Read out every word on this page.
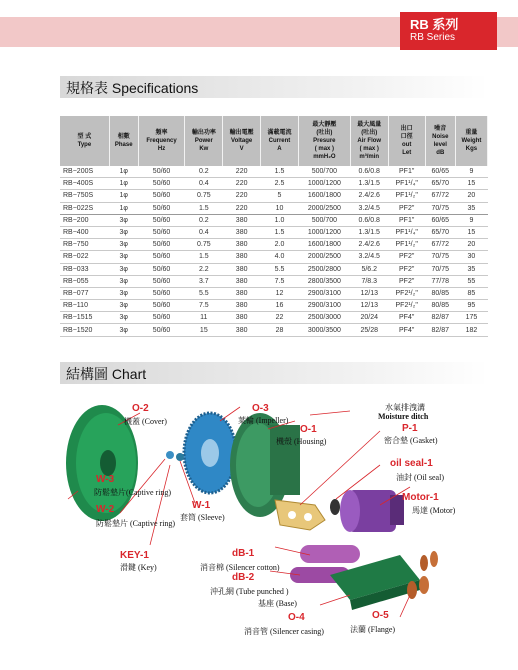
RB 系列
RB Series
規格表 Specifications
型 式
Type	相數
Phase	頻率
Frequency
Hz	輸出功率
Power
Kw	輸出電壓
Voltage
V	滿載電流
Current
A	最大靜壓
(吐出)
Presure
( max )
mmH₂O	最大風量
(吐出)
Air Flow
( max )
m³/min	出口
口徑
out
Let	噪音
Noise
level
dB	重量
Weight
Kgs

RB−200S	1φ	50/60	0.2	220	1.5	500/700	0.6/0.8	PF1"	60/65	9
RB−400S	1φ	50/60	0.4	220	2.5	1000/1200	1.3/1.5	PF1¹/₄"	65/70	15
RB−750S	1φ	50/60	0.75	220	5	1600/1800	2.4/2.6	PF1¹/₂"	67/72	20
RB−022S	1φ	50/60	1.5	220	10	2000/2500	3.2/4.5	PF2"	70/75	35
RB−200	3φ	50/60	0.2	380	1.0	500/700	0.6/0.8	PF1"	60/65	9
RB−400	3φ	50/60	0.4	380	1.5	1000/1200	1.3/1.5	PF1¹/₄"	65/70	15
RB−750	3φ	50/60	0.75	380	2.0	1600/1800	2.4/2.6	PF1¹/₂"	67/72	20
RB−022	3φ	50/60	1.5	380	4.0	2000/2500	3.2/4.5	PF2"	70/75	30
RB−033	3φ	50/60	2.2	380	5.5	2500/2800	5/6.2	PF2"	70/75	35
RB−055	3φ	50/60	3.7	380	7.5	2800/3500	7/8.3	PF2"	77/78	55
RB−077	3φ	50/60	5.5	380	12	2900/3100	12/13	PF2¹/₂"	80/85	85
RB−110	3φ	50/60	7.5	380	16	2900/3100	12/13	PF2¹/₂"	80/85	95
RB−1515	3φ	50/60	11	380	22	2500/3000	20/24	PF4"	82/87	175
RB−1520	3φ	50/60	15	380	28	3000/3500	25/28	PF4"	82/87	182
結構圖 Chart
O-2
機蓋 (Cover)
O-3
葉輪 (Impeller)
O-1
機殼 (Housing)
水氣排洩溝
Moisture ditch
P-1
密合墊 (Gasket)
oil seal-1
油封 (Oil seal)
Motor-1
馬達 (Motor)
W-3
防鬆墊片(Captive ring)
W-2
防鬆墊片 (Captive ring)
W-1
套筒 (Sleeve)
KEY-1
滑鍵 (Key)
dB-1
消音棉 (Silencer cotton)
dB-2
沖孔網 (Tube punched )
基座 (Base)
O-4
消音管 (Silencer casing)
O-5
法蘭 (Flange)
